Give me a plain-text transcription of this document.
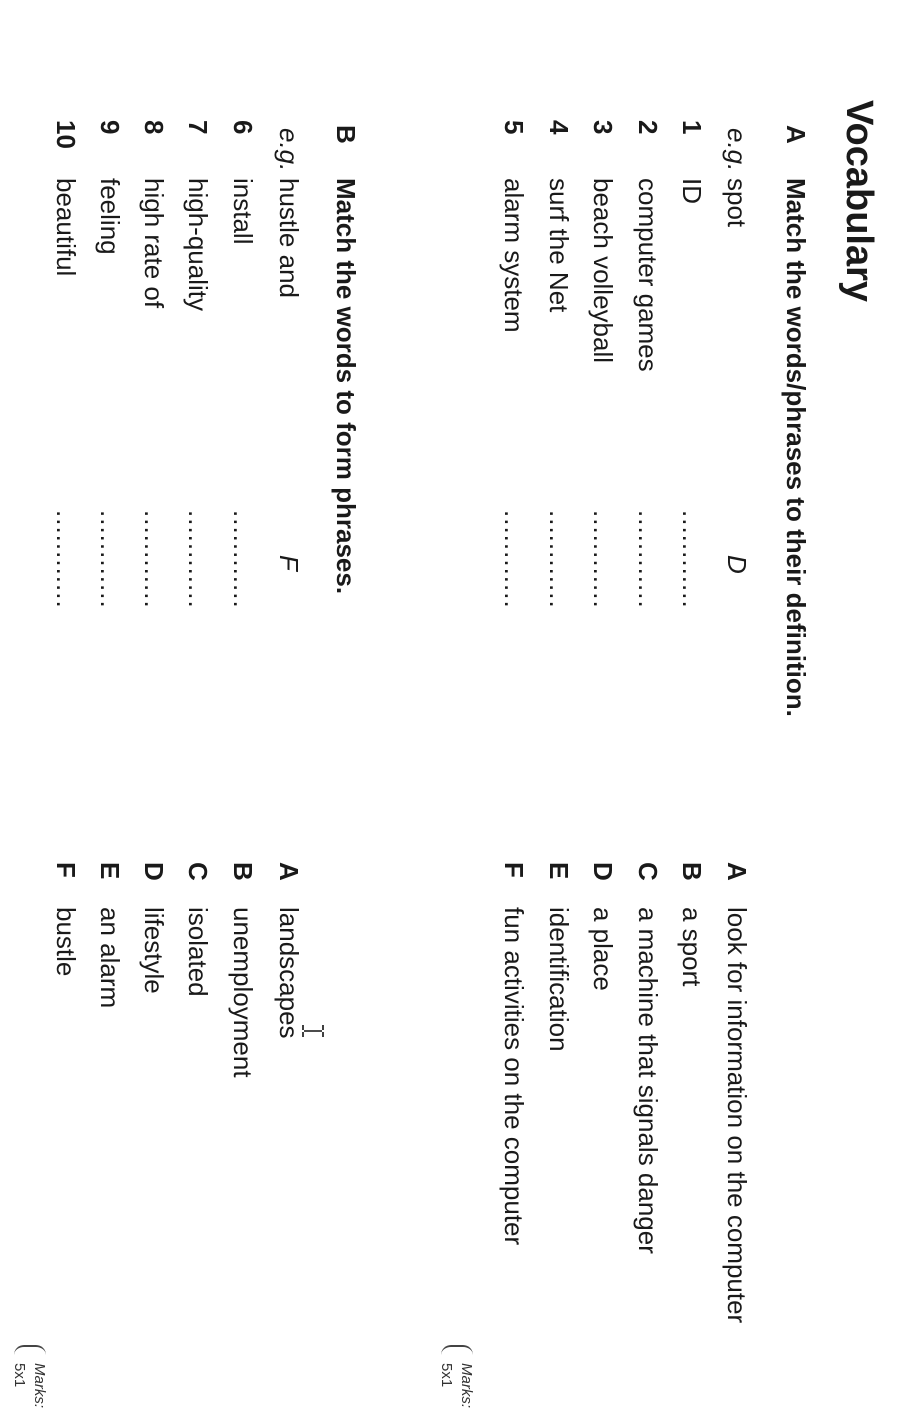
орита Евге...
Vocabulary
A
Match the words/phrases to their definition.
e.g.
spot
D
1
ID
............
2
computer games
............
3
beach volleyball
............
4
surf the Net
............
5
alarm system
............
A
look for information on the computer
B
a sport
C
a machine that signals danger
D
a place
E
identification
F
fun activities on the computer
Marks:
5x1
B
Match the words to form phrases.
e.g.
hustle and
F
6
install
............
7
high-quality
............
8
high rate of
............
9
feeling
............
10
beautiful
............
A
landscapes
B
unemployment
C
isolated
D
lifestyle
E
an alarm
F
bustle
Marks:
5x1
